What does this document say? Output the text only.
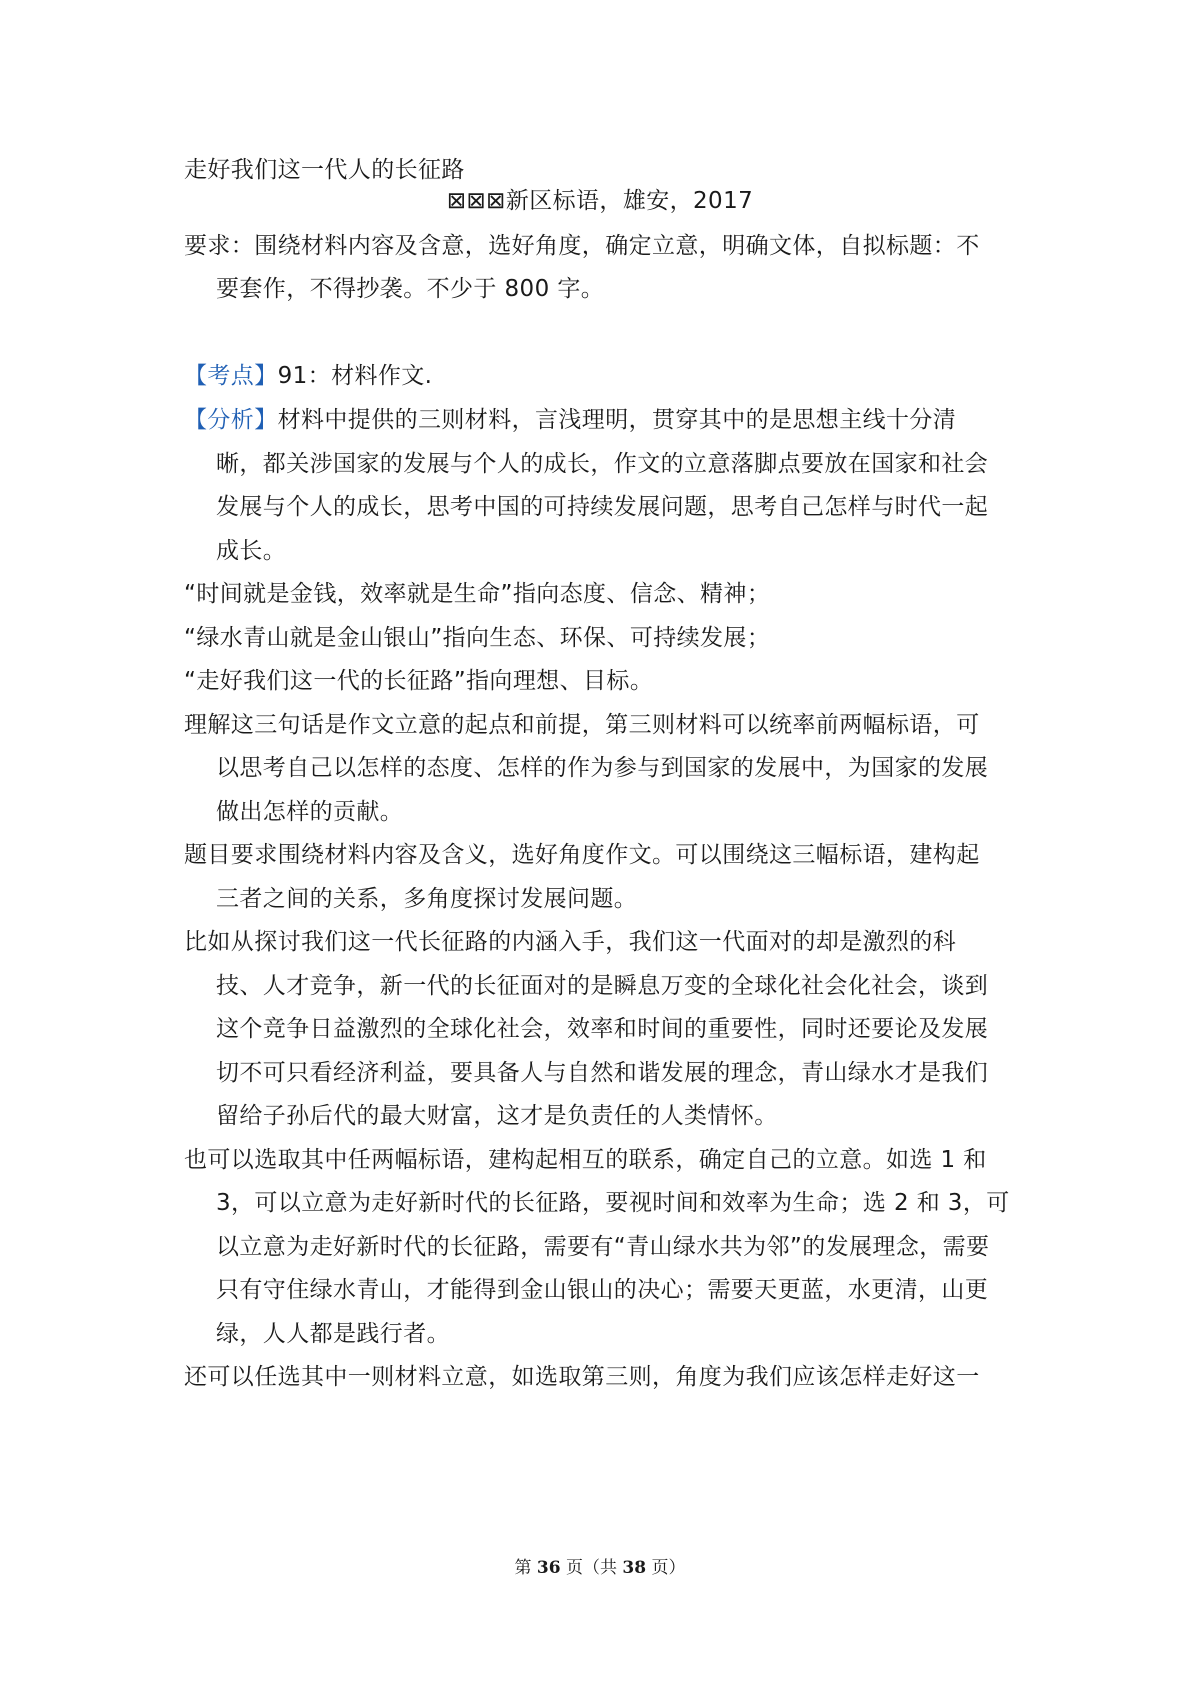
走好我们这一代人的长征路
⊠⊠⊠新区标语，雄安，2017
要求：围绕材料内容及含意，选好角度，确定立意，明确文体，自拟标题：不
要套作，不得抄袭。不少于 800 字。
【考点】91：材料作文.
【分析】材料中提供的三则材料，言浅理明，贯穿其中的是思想主线十分清
晰，都关涉国家的发展与个人的成长，作文的立意落脚点要放在国家和社会
发展与个人的成长，思考中国的可持续发展问题，思考自己怎样与时代一起
成长。
“时间就是金钱，效率就是生命”指向态度、信念、精神；
“绿水青山就是金山银山”指向生态、环保、可持续发展；
“走好我们这一代的长征路”指向理想、目标。
理解这三句话是作文立意的起点和前提，第三则材料可以统率前两幅标语，可
以思考自己以怎样的态度、怎样的作为参与到国家的发展中，为国家的发展
做出怎样的贡献。
题目要求围绕材料内容及含义，选好角度作文。可以围绕这三幅标语，建构起
三者之间的关系，多角度探讨发展问题。
比如从探讨我们这一代长征路的内涵入手，我们这一代面对的却是激烈的科
技、人才竞争，新一代的长征面对的是瞬息万变的全球化社会化社会，谈到
这个竞争日益激烈的全球化社会，效率和时间的重要性，同时还要论及发展
切不可只看经济利益，要具备人与自然和谐发展的理念，青山绿水才是我们
留给子孙后代的最大财富，这才是负责任的人类情怀。
也可以选取其中任两幅标语，建构起相互的联系，确定自己的立意。如选 1 和
3，可以立意为走好新时代的长征路，要视时间和效率为生命；选 2 和 3，可
以立意为走好新时代的长征路，需要有“青山绿水共为邻”的发展理念，需要
只有守住绿水青山，才能得到金山银山的决心；需要天更蓝，水更清，山更
绿，人人都是践行者。
还可以任选其中一则材料立意，如选取第三则，角度为我们应该怎样走好这一
第 36 页（共 38 页）
